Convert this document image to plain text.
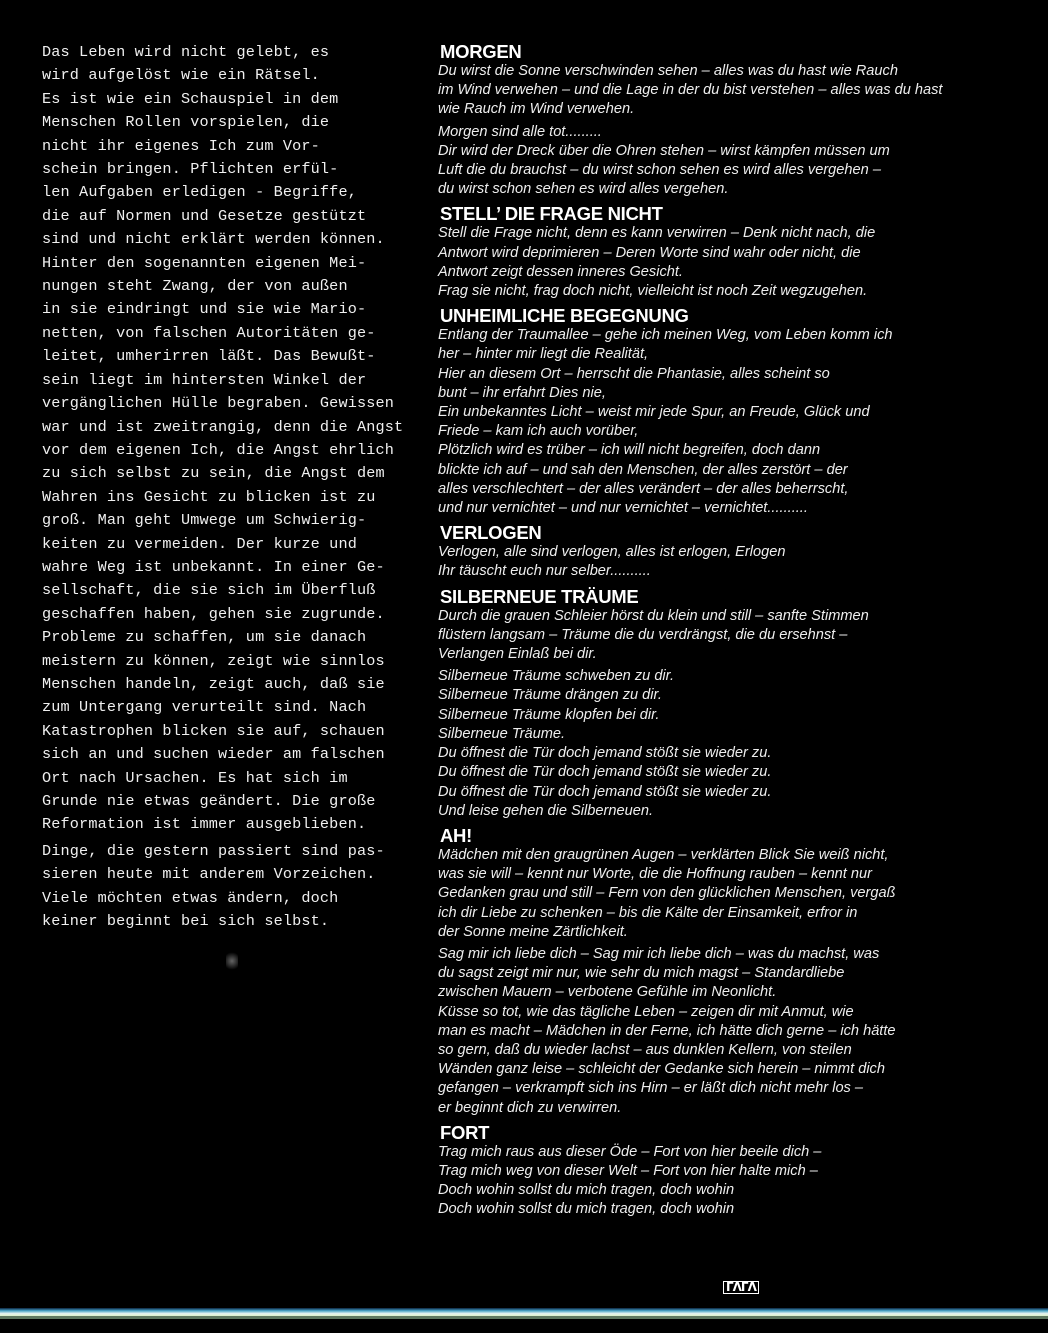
Das Leben wird nicht gelebt, es
wird aufgelöst wie ein Rätsel.
Es ist wie ein Schauspiel in dem
Menschen Rollen vorspielen, die
nicht ihr eigenes Ich zum Vor-
schein bringen. Pflichten erfül-
len Aufgaben erledigen - Begriffe,
die auf Normen und Gesetze gestützt
sind und nicht erklärt werden können.
Hinter den sogenannten eigenen Mei-
nungen steht Zwang, der von außen
in sie eindringt und sie wie Mario-
netten, von falschen Autoritäten ge-
leitet, umherirren läßt. Das Bewußt-
sein liegt im hintersten Winkel der
vergänglichen Hülle begraben. Gewissen
war und ist zweitrangig, denn die Angst
vor dem eigenen Ich, die Angst ehrlich
zu sich selbst zu sein, die Angst dem
Wahren ins Gesicht zu blicken ist zu
groß. Man geht Umwege um Schwierig-
keiten zu vermeiden. Der kurze und
wahre Weg ist unbekannt. In einer Ge-
sellschaft, die sie sich im Überfluß
geschaffen haben, gehen sie zugrunde.
Probleme zu schaffen, um sie danach
meistern zu können, zeigt wie sinnlos
Menschen handeln, zeigt auch, daß sie
zum Untergang verurteilt sind. Nach
Katastrophen blicken sie auf, schauen
sich an und suchen wieder am falschen
Ort nach Ursachen. Es hat sich im
Grunde nie etwas geändert. Die große
Reformation ist immer ausgeblieben.
Dinge, die gestern passiert sind pas-
sieren heute mit anderem Vorzeichen.
Viele möchten etwas ändern, doch
keiner beginnt bei sich selbst.
MORGEN
Du wirst die Sonne verschwinden sehen – alles was du hast wie Rauch
im Wind verwehen – und die Lage in der du bist verstehen – alles was du hast
wie Rauch im Wind verwehen.
Morgen sind alle tot.........
Dir wird der Dreck über die Ohren stehen – wirst kämpfen müssen um
Luft die du brauchst – du wirst schon sehen es wird alles vergehen –
du wirst schon sehen es wird alles vergehen.
STELL’ DIE FRAGE NICHT
Stell die Frage nicht, denn es kann verwirren – Denk nicht nach, die
Antwort wird deprimieren – Deren Worte sind wahr oder nicht, die
Antwort zeigt dessen inneres Gesicht.
Frag sie nicht, frag doch nicht, vielleicht ist noch Zeit wegzugehen.
UNHEIMLICHE BEGEGNUNG
Entlang der Traumallee – gehe ich meinen Weg, vom Leben komm ich
her – hinter mir liegt die Realität,
Hier an diesem Ort – herrscht die Phantasie, alles scheint so
bunt – ihr erfahrt Dies nie,
Ein unbekanntes Licht – weist mir jede Spur, an Freude, Glück und
Friede – kam ich auch vorüber,
Plötzlich wird es trüber – ich will nicht begreifen, doch dann
blickte ich auf – und sah den Menschen, der alles zerstört – der
alles verschlechtert – der alles verändert – der alles beherrscht,
und nur vernichtet – und nur vernichtet – vernichtet..........
VERLOGEN
Verlogen, alle sind verlogen, alles ist erlogen, Erlogen
Ihr täuscht euch nur selber..........
SILBERNEUE TRÄUME
Durch die grauen Schleier hörst du klein und still – sanfte Stimmen
flüstern langsam – Träume die du verdrängst, die du ersehnst –
Verlangen Einlaß bei dir.
Silberneue Träume schweben zu dir.
Silberneue Träume drängen zu dir.
Silberneue Träume klopfen bei dir.
Silberneue Träume.
Du öffnest die Tür doch jemand stößt sie wieder zu.
Du öffnest die Tür doch jemand stößt sie wieder zu.
Du öffnest die Tür doch jemand stößt sie wieder zu.
Und leise gehen die Silberneuen.
AH!
Mädchen mit den graugrünen Augen – verklärten Blick Sie weiß nicht,
was sie will – kennt nur Worte, die die Hoffnung rauben – kennt nur
Gedanken grau und still – Fern von den glücklichen Menschen, vergaß
ich dir Liebe zu schenken – bis die Kälte der Einsamkeit, erfror in
der Sonne meine Zärtlichkeit.
Sag mir ich liebe dich – Sag mir ich liebe dich – was du machst, was
du sagst zeigt mir nur, wie sehr du mich magst – Standardliebe
zwischen Mauern – verbotene Gefühle im Neonlicht.
Küsse so tot, wie das tägliche Leben – zeigen dir mit Anmut, wie
man es macht – Mädchen in der Ferne, ich hätte dich gerne – ich hätte
so gern, daß du wieder lachst – aus dunklen Kellern, von steilen
Wänden ganz leise – schleicht der Gedanke sich herein – nimmt dich
gefangen – verkrampft sich ins Hirn – er läßt dich nicht mehr los –
er beginnt dich zu verwirren.
FORT
Trag mich raus aus dieser Öde – Fort von hier beeile dich –
Trag mich weg von dieser Welt – Fort von hier halte mich –
Doch wohin sollst du mich tragen, doch wohin
Doch wohin sollst du mich tragen, doch wohin
ΓΛΓΛ
